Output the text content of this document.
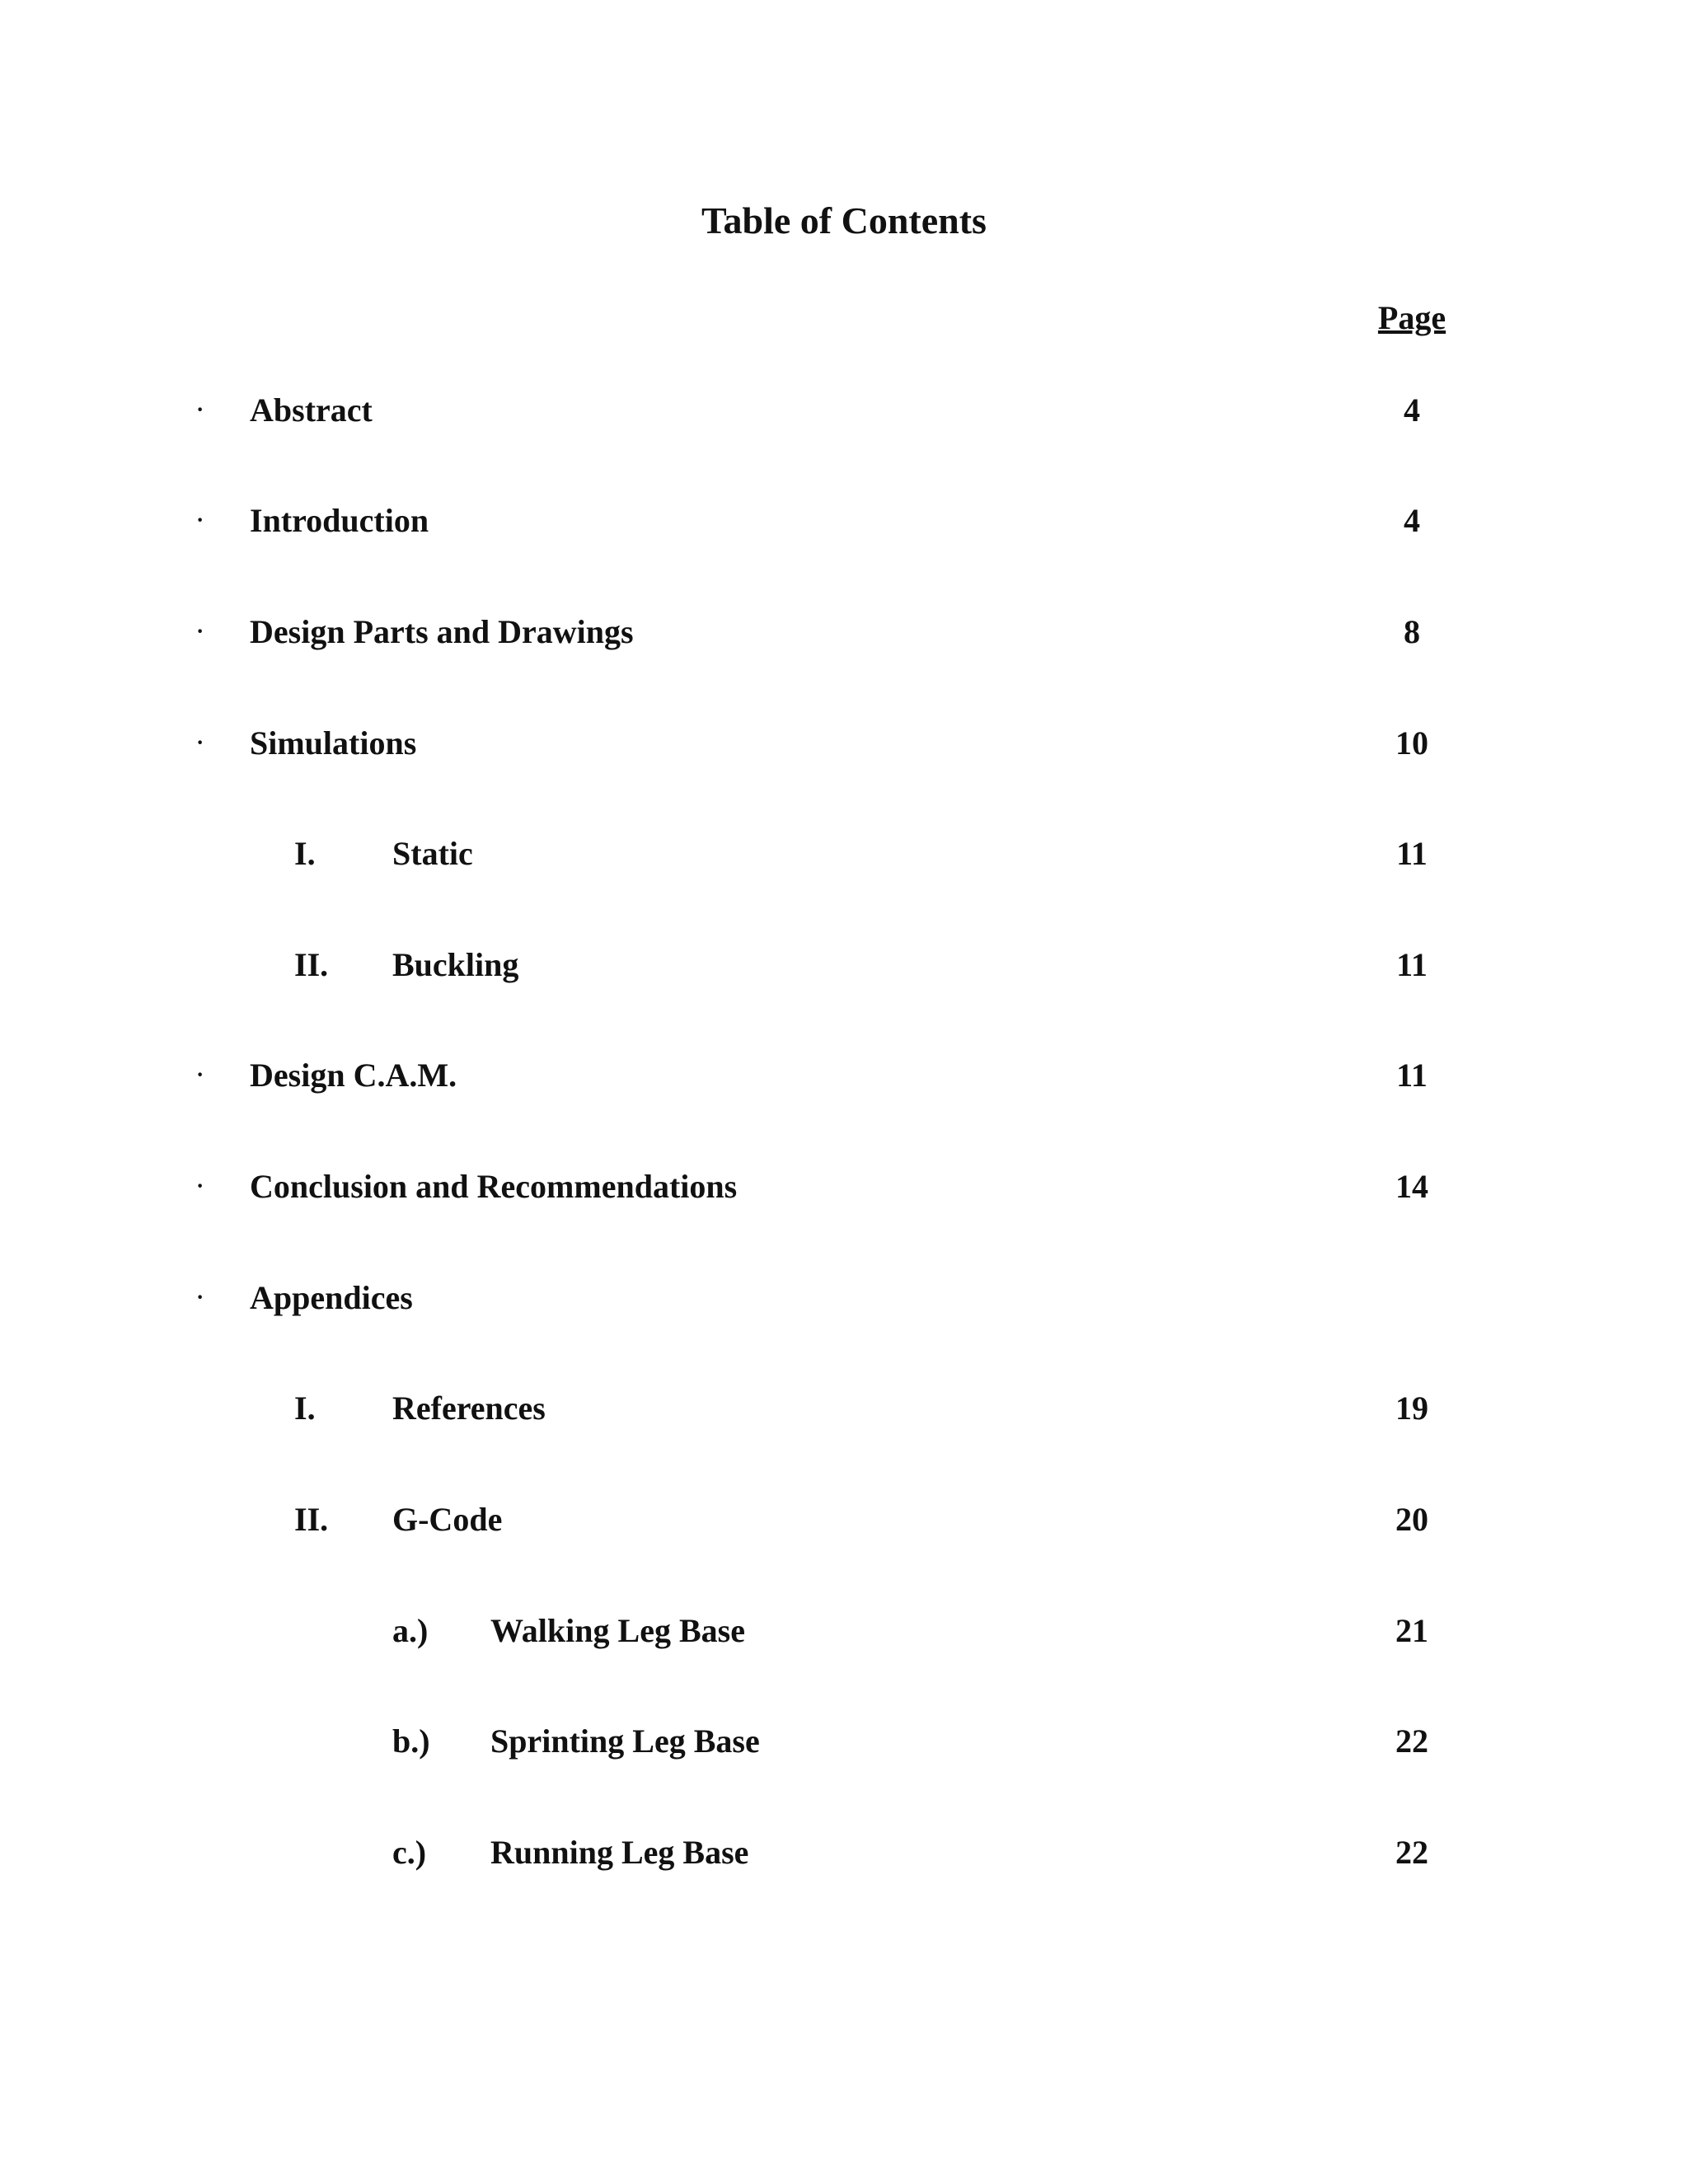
Table of Contents
Page
· Abstract	4
· Introduction	4
· Design Parts and Drawings	8
· Simulations	10
I. Static	11
II. Buckling	11
· Design C.A.M.	11
· Conclusion and Recommendations	14
· Appendices
I. References	19
II. G-Code	20
a.) Walking Leg Base	21
b.) Sprinting Leg Base	22
c.) Running Leg Base	22
